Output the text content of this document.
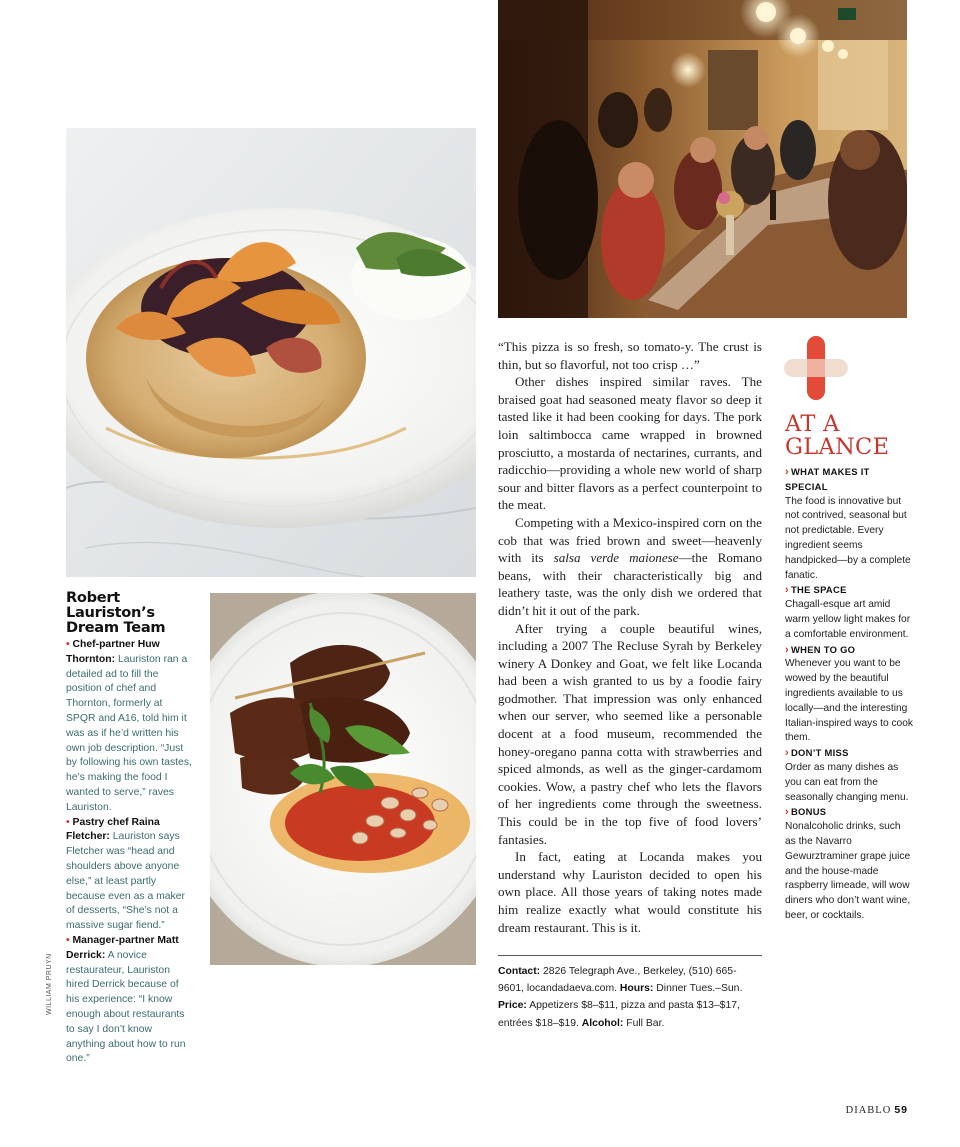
WILLIAM PRUYN
Robert Lauriston’s Dream Team

• Chef-partner Huw Thornton: Lauriston ran a detailed ad to fill the position of chef and Thornton, formerly at SPQR and A16, told him it was as if he’d written his own job description. “Just by following his own tastes, he’s making the food I wanted to serve,” raves Lauriston.

• Pastry chef Raina Fletcher: Lauriston says Fletcher was “head and shoulders above anyone else,” at least partly because even as a maker of desserts, “She’s not a massive sugar fiend.”

• Manager-partner Matt Derrick: A novice restaurateur, Lauriston hired Derrick because of his experience: “I know enough about restaurants to say I don’t know anything about how to run one.”

“This pizza is so fresh, so tomato-y. The crust is thin, but so flavorful, not too crisp …”

Other dishes inspired similar raves. The braised goat had seasoned meaty flavor so deep it tasted like it had been cooking for days. The pork loin saltimbocca came wrapped in browned prosciutto, a mostarda of nectarines, currants, and radicchio—providing a whole new world of sharp sour and bitter flavors as a perfect counterpoint to the meat.

Competing with a Mexico-inspired corn on the cob that was fried brown and sweet—heavenly with its salsa verde maionese—the Romano beans, with their characteristically big and leathery taste, was the only dish we ordered that didn’t hit it out of the park.

After trying a couple beautiful wines, including a 2007 The Recluse Syrah by Berkeley winery A Donkey and Goat, we felt like Locanda had been a wish granted to us by a foodie fairy godmother. That impression was only enhanced when our server, who seemed like a personable docent at a food museum, recommended the honey-oregano panna cotta with strawberries and spiced almonds, as well as the ginger-cardamom cookies. Wow, a pastry chef who lets the flavors of her ingredients come through the sweetness. This could be in the top five of food lovers’ fantasies.

In fact, eating at Locanda makes you understand why Lauriston decided to open his own place. All those years of taking notes made him realize exactly what would constitute his dream restaurant. This is it.

Contact: 2826 Telegraph Ave., Berkeley, (510) 665-9601, locandadaeva.com. Hours: Dinner Tues.–Sun. Price: Appetizers $8–$11, pizza and pasta $13–$17, entrées $18–$19. Alcohol: Full Bar.
AT A GLANCE
› WHAT MAKES IT SPECIAL
The food is innovative but not contrived, seasonal but not predictable. Every ingredient seems handpicked—by a complete fanatic.
› THE SPACE
Chagall-esque art amid warm yellow light makes for a comfortable environment.
› WHEN TO GO
Whenever you want to be wowed by the beautiful ingredients available to us locally—and the interesting Italian-inspired ways to cook them.
› DON’T MISS
Order as many dishes as you can eat from the seasonally changing menu.
› BONUS
Nonalcoholic drinks, such as the Navarro Gewurztraminer grape juice and the house-made raspberry limeade, will wow diners who don’t want wine, beer, or cocktails.
DIABLO 59
